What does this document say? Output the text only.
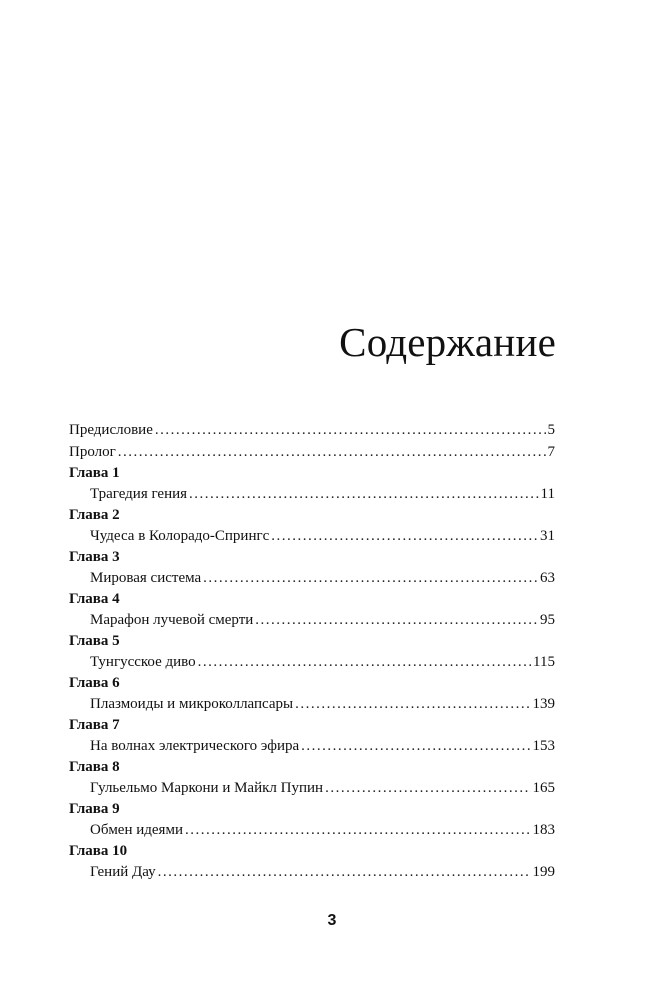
Содержание
Предисловие .....	5
Пролог .....	7
Глава 1
Трагедия гения .....	11
Глава 2
Чудеса в Колорадо-Спрингс .....	31
Глава 3
Мировая система .....	63
Глава 4
Марафон лучевой смерти .....	95
Глава 5
Тунгусское диво .....	115
Глава 6
Плазмоиды и микроколлапсары .....	139
Глава 7
На волнах электрического эфира .....	153
Глава 8
Гульельмо Маркони и Майкл Пупин .....	165
Глава 9
Обмен идеями .....	183
Глава 10
Гений Дау .....	199
3
